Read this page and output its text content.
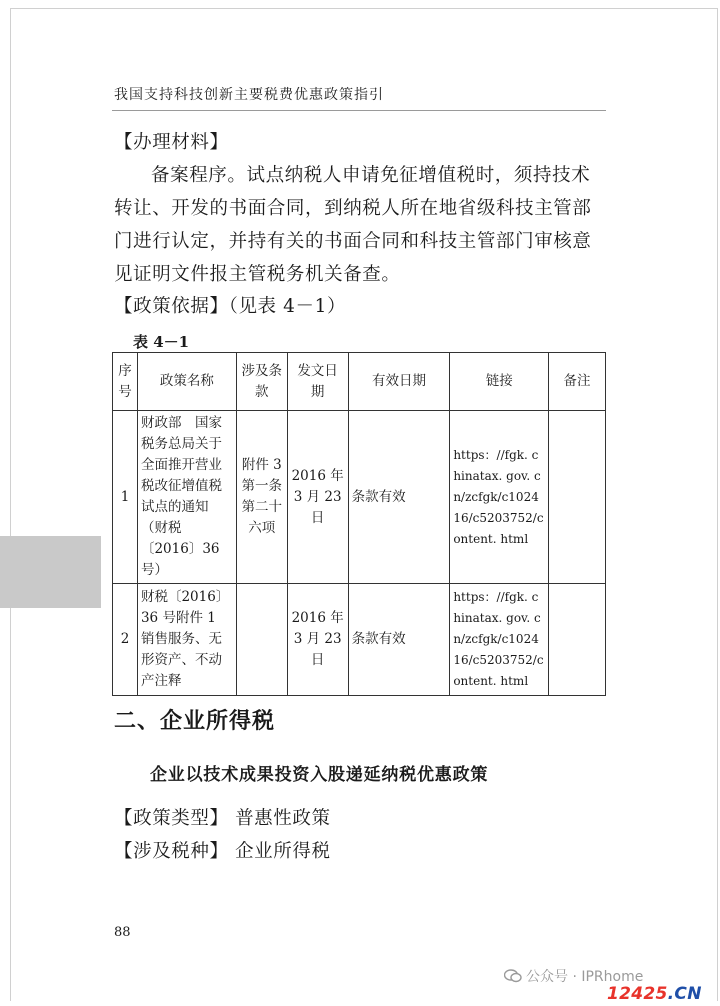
我国支持科技创新主要税费优惠政策指引
【办理材料】
备案程序。试点纳税人申请免征增值税时，须持技术转让、开发的书面合同，到纳税人所在地省级科技主管部门进行认定，并持有关的书面合同和科技主管部门审核意见证明文件报主管税务机关备查。
【政策依据】（见表 4－1）
表 4－1
序号	政策名称	涉及条款	发文日期	有效日期	链接	备注
1	财政部　国家税务总局关于全面推开营业税改征增值税试点的通知（财税〔2016〕36 号）	附件 3 第一条第二十六项	2016 年 3 月 23 日	条款有效	https：//fgk. chinatax. gov. cn/zcfgk/c102416/c5203752/content. html	
2	财税〔2016〕36 号附件 1 销售服务、无形资产、不动产注释		2016 年 3 月 23 日	条款有效	https：//fgk. chinatax. gov. cn/zcfgk/c102416/c5203752/content. html	
二、企业所得税
企业以技术成果投资入股递延纳税优惠政策
【政策类型】 普惠性政策
【涉及税种】 企业所得税
88
公众号 · IPRhome
12425.CN
